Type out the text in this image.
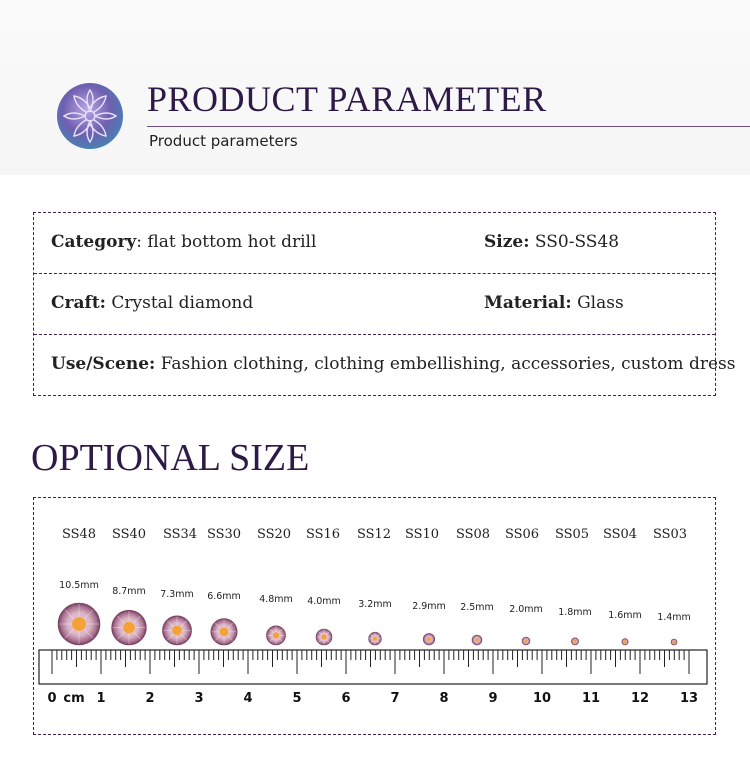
PRODUCT PARAMETER
Product parameters
Category: flat bottom hot drill	Size: SS0-SS48
Craft: Crystal diamond	Material: Glass
Use/Scene: Fashion clothing, clothing embellishing, accessories, custom dress
OPTIONAL SIZE
SS48
10.5mm
SS40
8.7mm
SS34
7.3mm
SS30
6.6mm
SS20
4.8mm
SS16
4.0mm
SS12
3.2mm
SS10
2.9mm
SS08
2.5mm
SS06
2.0mm
SS05
1.8mm
SS04
1.6mm
SS03
1.4mm
0	1	2	3	4	5	6	7	8	9	10 11 12 13
cm
